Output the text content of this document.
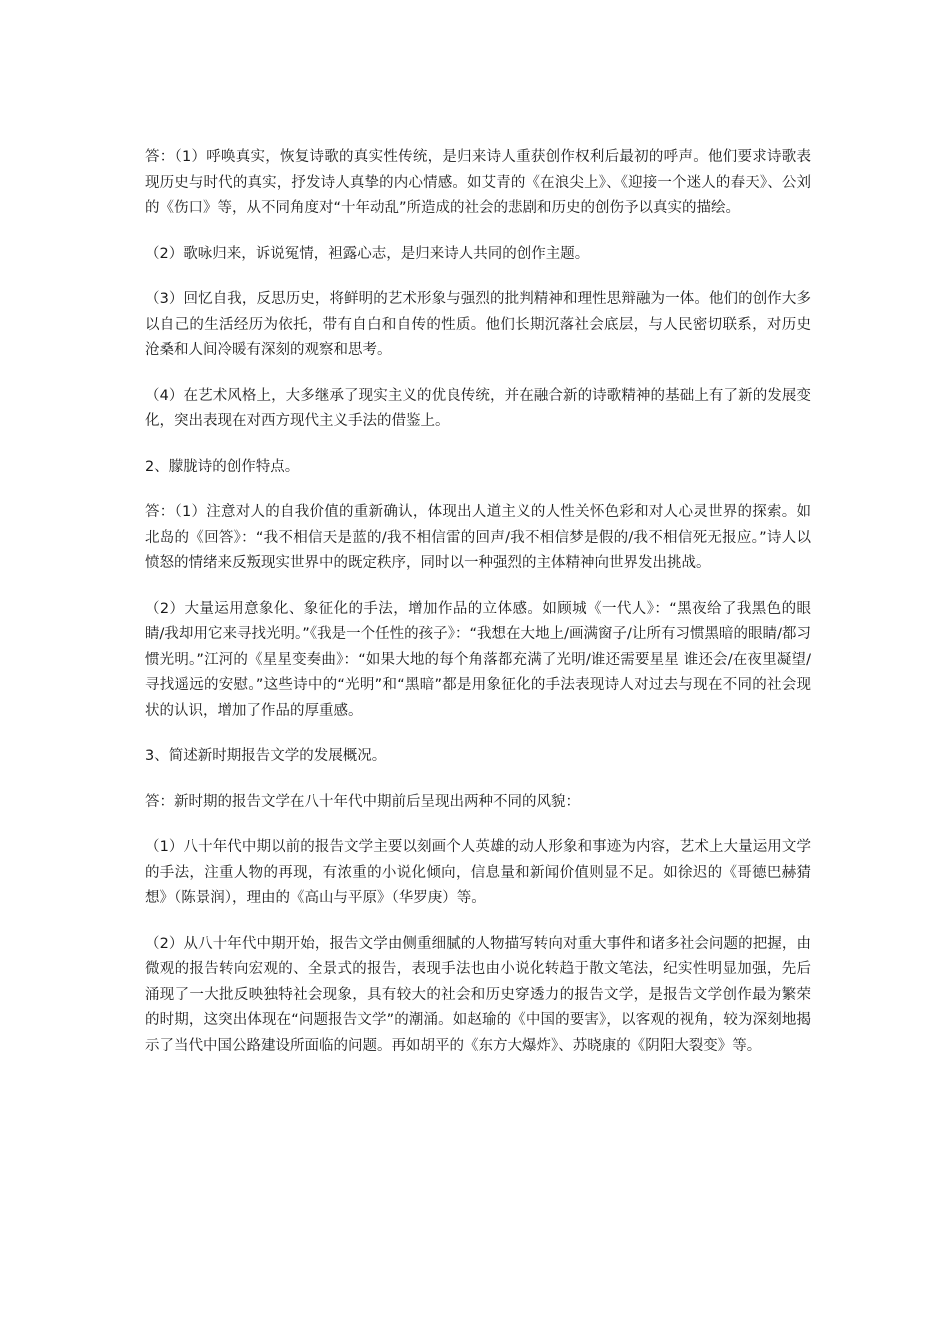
答：（1）呼唤真实，恢复诗歌的真实性传统，是归来诗人重获创作权利后最初的呼声。他们要求诗歌表现历史与时代的真实，抒发诗人真挚的内心情感。如艾青的《在浪尖上》、《迎接一个迷人的春天》、公刘的《伤口》等，从不同角度对“十年动乱”所造成的社会的悲剧和历史的创伤予以真实的描绘。

（2）歌咏归来，诉说冤情，袒露心志，是归来诗人共同的创作主题。

（3）回忆自我，反思历史，将鲜明的艺术形象与强烈的批判精神和理性思辩融为一体。他们的创作大多以自己的生活经历为依托，带有自白和自传的性质。他们长期沉落社会底层，与人民密切联系，对历史沧桑和人间冷暖有深刻的观察和思考。

（4）在艺术风格上，大多继承了现实主义的优良传统，并在融合新的诗歌精神的基础上有了新的发展变化，突出表现在对西方现代主义手法的借鉴上。

2、朦胧诗的创作特点。

答：（1）注意对人的自我价值的重新确认，体现出人道主义的人性关怀色彩和对人心灵世界的探索。如北岛的《回答》：“我不相信天是蓝的/我不相信雷的回声/我不相信梦是假的/我不相信死无报应。”诗人以愤怒的情绪来反叛现实世界中的既定秩序，同时以一种强烈的主体精神向世界发出挑战。

（2）大量运用意象化、象征化的手法，增加作品的立体感。如顾城《一代人》：“黑夜给了我黑色的眼睛/我却用它来寻找光明。”《我是一个任性的孩子》：“我想在大地上/画满窗子/让所有习惯黑暗的眼睛/都习惯光明。”江河的《星星变奏曲》：“如果大地的每个角落都充满了光明/谁还需要星星 谁还会/在夜里凝望/寻找遥远的安慰。”这些诗中的“光明”和“黑暗”都是用象征化的手法表现诗人对过去与现在不同的社会现状的认识，增加了作品的厚重感。

3、简述新时期报告文学的发展概况。

答：新时期的报告文学在八十年代中期前后呈现出两种不同的风貌：

（1）八十年代中期以前的报告文学主要以刻画个人英雄的动人形象和事迹为内容，艺术上大量运用文学的手法，注重人物的再现，有浓重的小说化倾向，信息量和新闻价值则显不足。如徐迟的《哥德巴赫猜想》（陈景润），理由的《高山与平原》（华罗庚）等。

（2）从八十年代中期开始，报告文学由侧重细腻的人物描写转向对重大事件和诸多社会问题的把握，由微观的报告转向宏观的、全景式的报告，表现手法也由小说化转趋于散文笔法，纪实性明显加强，先后涌现了一大批反映独特社会现象，具有较大的社会和历史穿透力的报告文学，是报告文学创作最为繁荣的时期，这突出体现在“问题报告文学”的潮涌。如赵瑜的《中国的要害》，以客观的视角，较为深刻地揭示了当代中国公路建设所面临的问题。再如胡平的《东方大爆炸》、苏晓康的《阴阳大裂变》等。
